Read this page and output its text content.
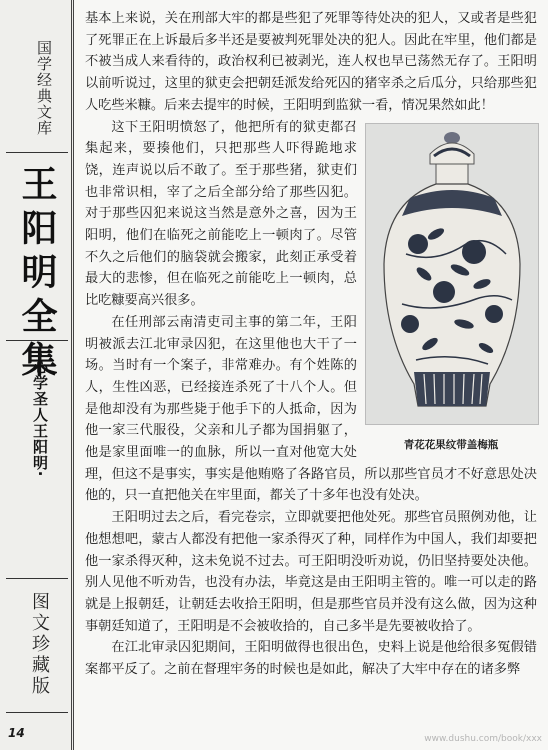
国学经典文库
王阳明全集
·心学圣人王阳明·
图文珍藏版
14

基本上来说，关在刑部大牢的都是些犯了死罪等待处决的犯人，又或者是些犯了死罪正在上诉最后多半还是要被判死罪处决的犯人。因此在牢里，他们都是不被当成人来看待的，政治权利已被剥光，连人权也早已荡然无存了。王阳明以前听说过，这里的狱吏会把朝廷派发给死囚的猪宰杀之后瓜分，只给那些犯人吃些米糠。后来去提牢的时候，王阳明到监狱一看，情况果然如此！

青花花果纹带盖梅瓶

这下王阳明愤怒了，他把所有的狱吏都召集起来，要揍他们，只把那些人吓得跪地求饶，连声说以后不敢了。至于那些猪，狱吏们也非常识相，宰了之后全部分给了那些囚犯。对于那些囚犯来说这当然是意外之喜，因为王阳明，他们在临死之前能吃上一顿肉了。尽管不久之后他们的脑袋就会搬家，此刻正承受着最大的悲惨，但在临死之前能吃上一顿肉，总比吃糠要高兴很多。

在任刑部云南清吏司主事的第二年，王阳明被派去江北审录囚犯，在这里他也大干了一场。当时有一个案子，非常难办。有个姓陈的人，生性凶恶，已经接连杀死了十八个人。但是他却没有为那些毙于他手下的人抵命，因为他一家三代服役，父亲和儿子都为国捐躯了，他是家里面唯一的血脉，所以一直对他宽大处理，但这不是事实，事实是他贿赂了各路官员，所以那些官员才不好意思处决他的，只一直把他关在牢里面，都关了十多年也没有处决。

王阳明过去之后，看完卷宗，立即就要把他处死。那些官员照例劝他，让他想想吧，蒙古人都没有把他一家杀得灭了种，同样作为中国人，我们却要把他一家杀得灭种，这未免说不过去。可王阳明没听劝说，仍旧坚持要处决他。别人见他不听劝告，也没有办法，毕竟这是由王阳明主管的。唯一可以走的路就是上报朝廷，让朝廷去收拾王阳明，但是那些官员并没有这么做，因为这种事朝廷知道了，王阳明是不会被收拾的，自己多半是先要被收拾了。

在江北审录囚犯期间，王阳明做得也很出色，史料上说是他给很多冤假错案都平反了。之前在督理牢务的时候也是如此，解决了大牢中存在的诸多弊

www.dushu.com/book/xxx
